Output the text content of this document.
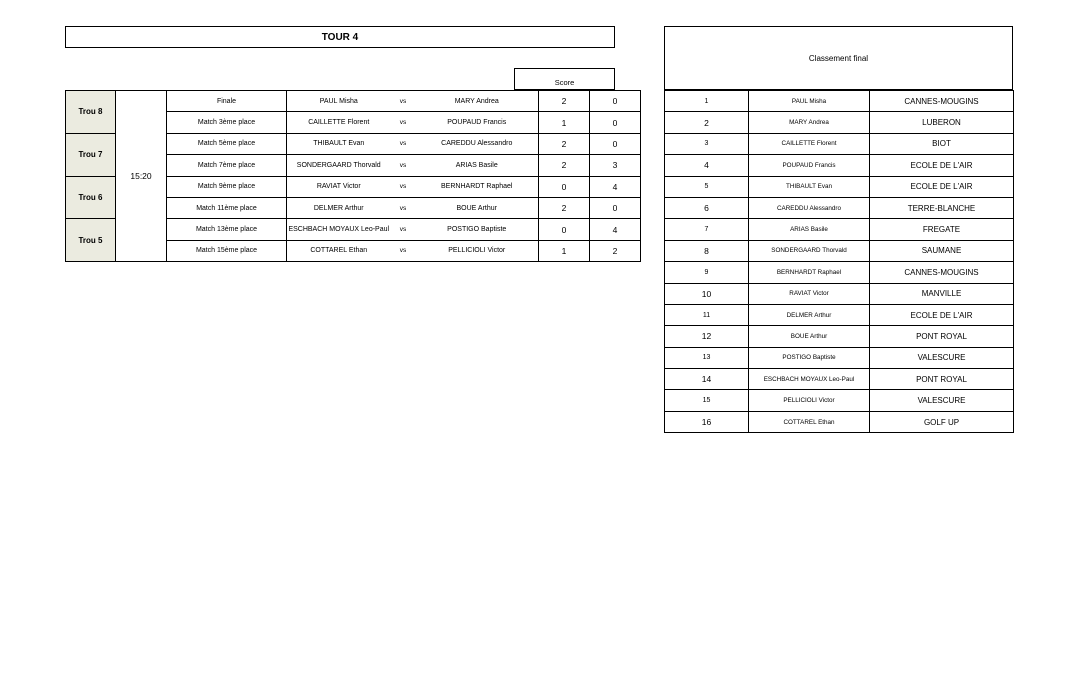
TOUR 4
Score
Trou 8	15:20	Finale	PAUL Misha	vs	MARY Andrea	2	0
		Match 3ème place	CAILLETTE Florent	vs	POUPAUD Francis	1	0
Trou 7		Match 5ème place	THIBAULT Evan	vs	CAREDDU Alessandro	2	0
		Match 7ème place	SONDERGAARD Thorvald	vs	ARIAS Basile	2	3
Trou 6		Match 9ème place	RAVIAT Victor	vs	BERNHARDT Raphael	0	4
		Match 11ème place	DELMER Arthur	vs	BOUE Arthur	2	0
Trou 5		Match 13ème place	ESCHBACH MOYAUX Leo-Paul	vs	POSTIGO Baptiste	0	4
		Match 15ème place	COTTAREL Ethan	vs	PELLICIOLI Victor	1	2
Classement final
1	PAUL Misha	CANNES-MOUGINS
2	MARY Andrea	LUBERON
3	CAILLETTE Florent	BIOT
4	POUPAUD Francis	ECOLE DE L'AIR
5	THIBAULT Evan	ECOLE DE L'AIR
6	CAREDDU Alessandro	TERRE-BLANCHE
7	ARIAS Basile	FREGATE
8	SONDERGAARD Thorvald	SAUMANE
9	BERNHARDT Raphael	CANNES-MOUGINS
10	RAVIAT Victor	MANVILLE
11	DELMER Arthur	ECOLE DE L'AIR
12	BOUE Arthur	PONT ROYAL
13	POSTIGO Baptiste	VALESCURE
14	ESCHBACH MOYAUX Leo-Paul	PONT ROYAL
15	PELLICIOLI Victor	VALESCURE
16	COTTAREL Ethan	GOLF UP
